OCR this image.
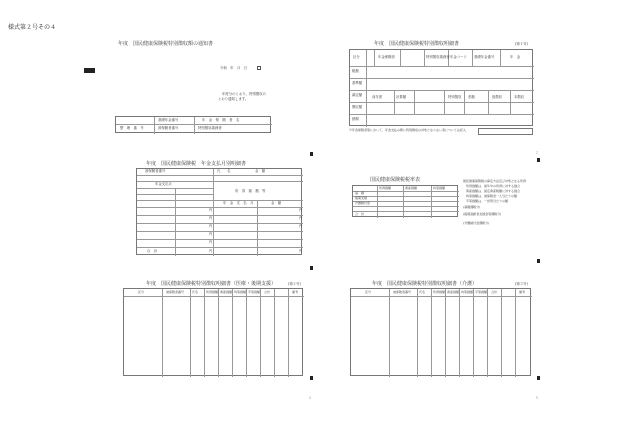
様式第２号その４
年度　国民健康保険税特別徴収額の通知書
令和　年　月　日
年度分のとおり、特別徴収の
とおり通知します。
基礎年金番号	年　金　保　険　者　名
整　理　番　号	被保険者番号	特別徴収義務者
年度　国民健康保険税特別徴収明細書	(第１号)
区分	年金保険者	特別徴収義務者 年金コード 基礎年金番号	年　金
税額
基準額
調定額
徴収額
納期
前年度	計算額	特別徴収 差額	仮徴収	本徴収
※年金保険者等において、年金支払の際に特別徴収の対象とならない者については記入
２
年度　国民健康保険税　年金支払月別明細書
被保険者番号	氏　　名	金　額
年金支払月
所　得　割　額　等
年　金　支　払　月	金　額
合　計
円
円
円
円
円
円
円
円
円
円
国民健康保険税税率表
所得割額	資産割額	均等割額
基　礎
後期支援
介護納付金
合　計
国民健康保険税の算定方法及び対象となる所得
所得割額は、前年中の所得に対する割合
資産割額は、固定資産税額に対する割合
均等割額は、被保険者一人当たりの額
平等割額は、一世帯当たりの額
(基礎課税分)
(後期高齢者支援金等課税分)
(介護納付金課税分)
年度　国民健康保険税特別徴収明細書（医療・後期支援）	(第２号)
区分	被保険者番号	氏名	所得割額 資産割額 均等割額 平等割額 合計	備考
４
年度　国民健康保険税特別徴収明細書（介護）	(第３号)
区分	被保険者番号	氏名	所得割額 資産割額 均等割額 平等割額 合計	備考
５
